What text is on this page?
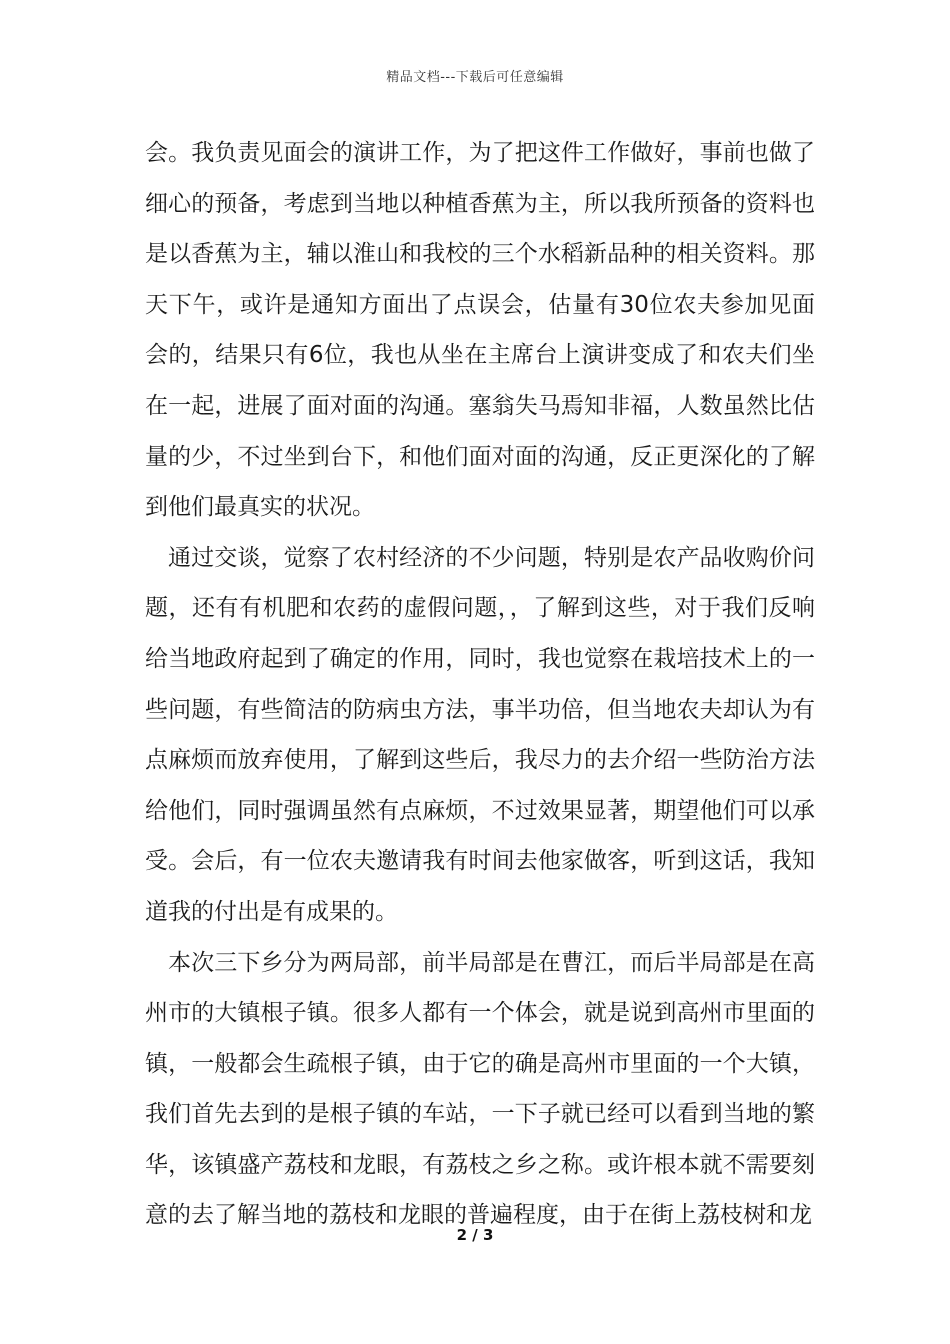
精品文档---下载后可任意编辑

会。我负责见面会的演讲工作，为了把这件工作做好，事前也做了细心的预备，考虑到当地以种植香蕉为主，所以我所预备的资料也是以香蕉为主，辅以淮山和我校的三个水稻新品种的相关资料。那天下午，或许是通知方面出了点误会，估量有30位农夫参加见面会的，结果只有6位，我也从坐在主席台上演讲变成了和农夫们坐在一起，进展了面对面的沟通。塞翁失马焉知非福，人数虽然比估量的少，不过坐到台下，和他们面对面的沟通，反正更深化的了解到他们最真实的状况。

通过交谈，觉察了农村经济的不少问题，特别是农产品收购价问题，还有有机肥和农药的虚假问题，，了解到这些，对于我们反响给当地政府起到了确定的作用，同时，我也觉察在栽培技术上的一些问题，有些简洁的防病虫方法，事半功倍，但当地农夫却认为有点麻烦而放弃使用，了解到这些后，我尽力的去介绍一些防治方法给他们，同时强调虽然有点麻烦，不过效果显著，期望他们可以承受。会后，有一位农夫邀请我有时间去他家做客，听到这话，我知道我的付出是有成果的。

本次三下乡分为两局部，前半局部是在曹江，而后半局部是在高州市的大镇根子镇。很多人都有一个体会，就是说到高州市里面的镇，一般都会生疏根子镇，由于它的确是高州市里面的一个大镇，我们首先去到的是根子镇的车站，一下子就已经可以看到当地的繁华，该镇盛产荔枝和龙眼，有荔枝之乡之称。或许根本就不需要刻意的去了解当地的荔枝和龙眼的普遍程度，由于在街上荔枝树和龙

2 / 3
